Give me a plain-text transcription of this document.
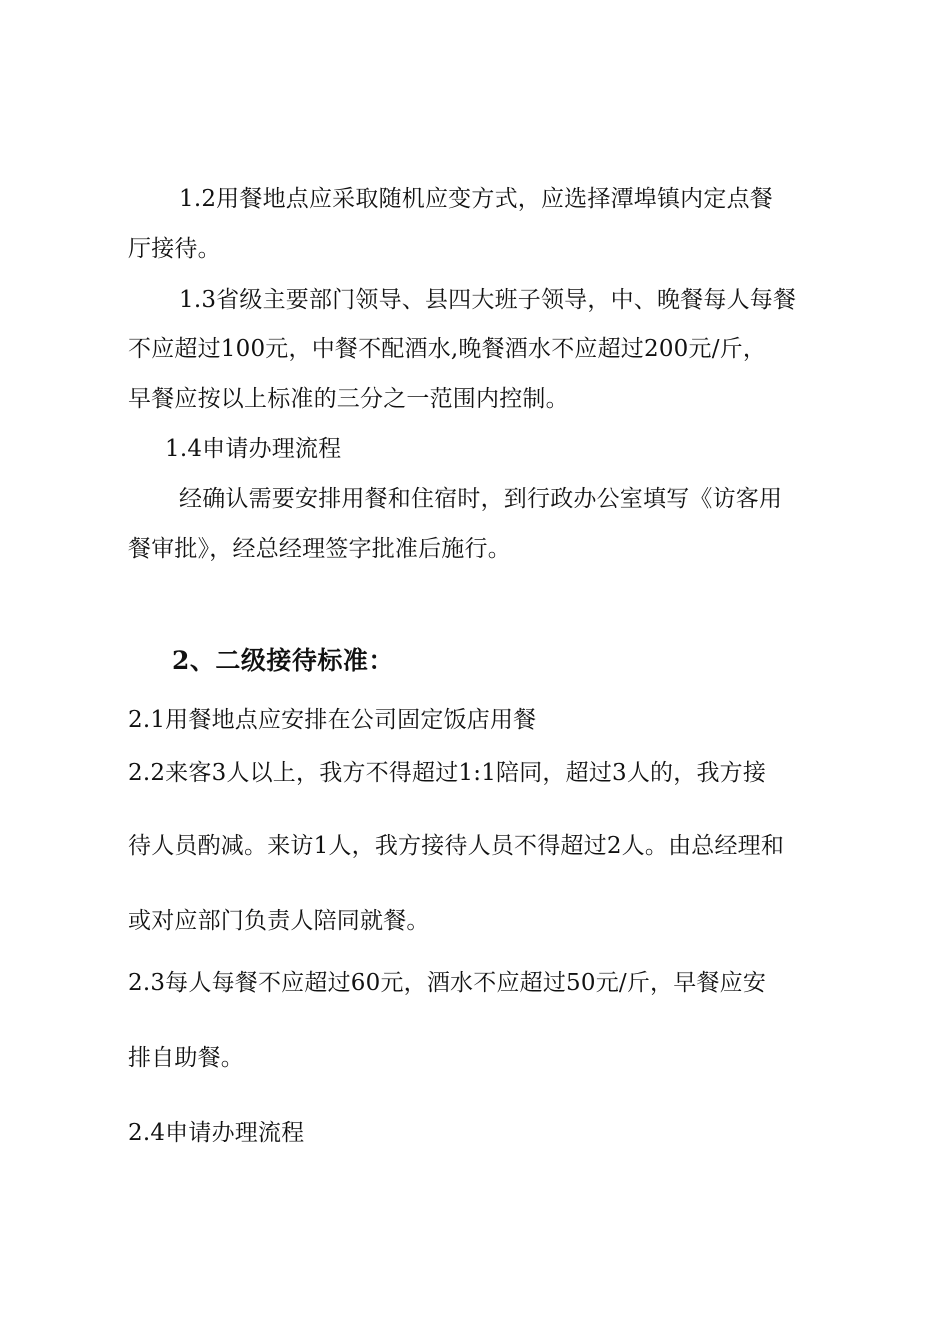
1.2用餐地点应采取随机应变方式，应选择潭埠镇内定点餐
厅接待。
1.3省级主要部门领导、县四大班子领导，中、晚餐每人每餐
不应超过100元，中餐不配酒水,晚餐酒水不应超过200元/斤，
早餐应按以上标准的三分之一范围内控制。
1.4申请办理流程
经确认需要安排用餐和住宿时，到行政办公室填写《访客用
餐审批》，经总经理签字批准后施行。
2、二级接待标准：
2.1用餐地点应安排在公司固定饭店用餐
2.2来客3人以上，我方不得超过1:1陪同，超过3人的，我方接
待人员酌减。来访1人，我方接待人员不得超过2人。由总经理和
或对应部门负责人陪同就餐。
2.3每人每餐不应超过60元，酒水不应超过50元/斤，早餐应安
排自助餐。
2.4申请办理流程
